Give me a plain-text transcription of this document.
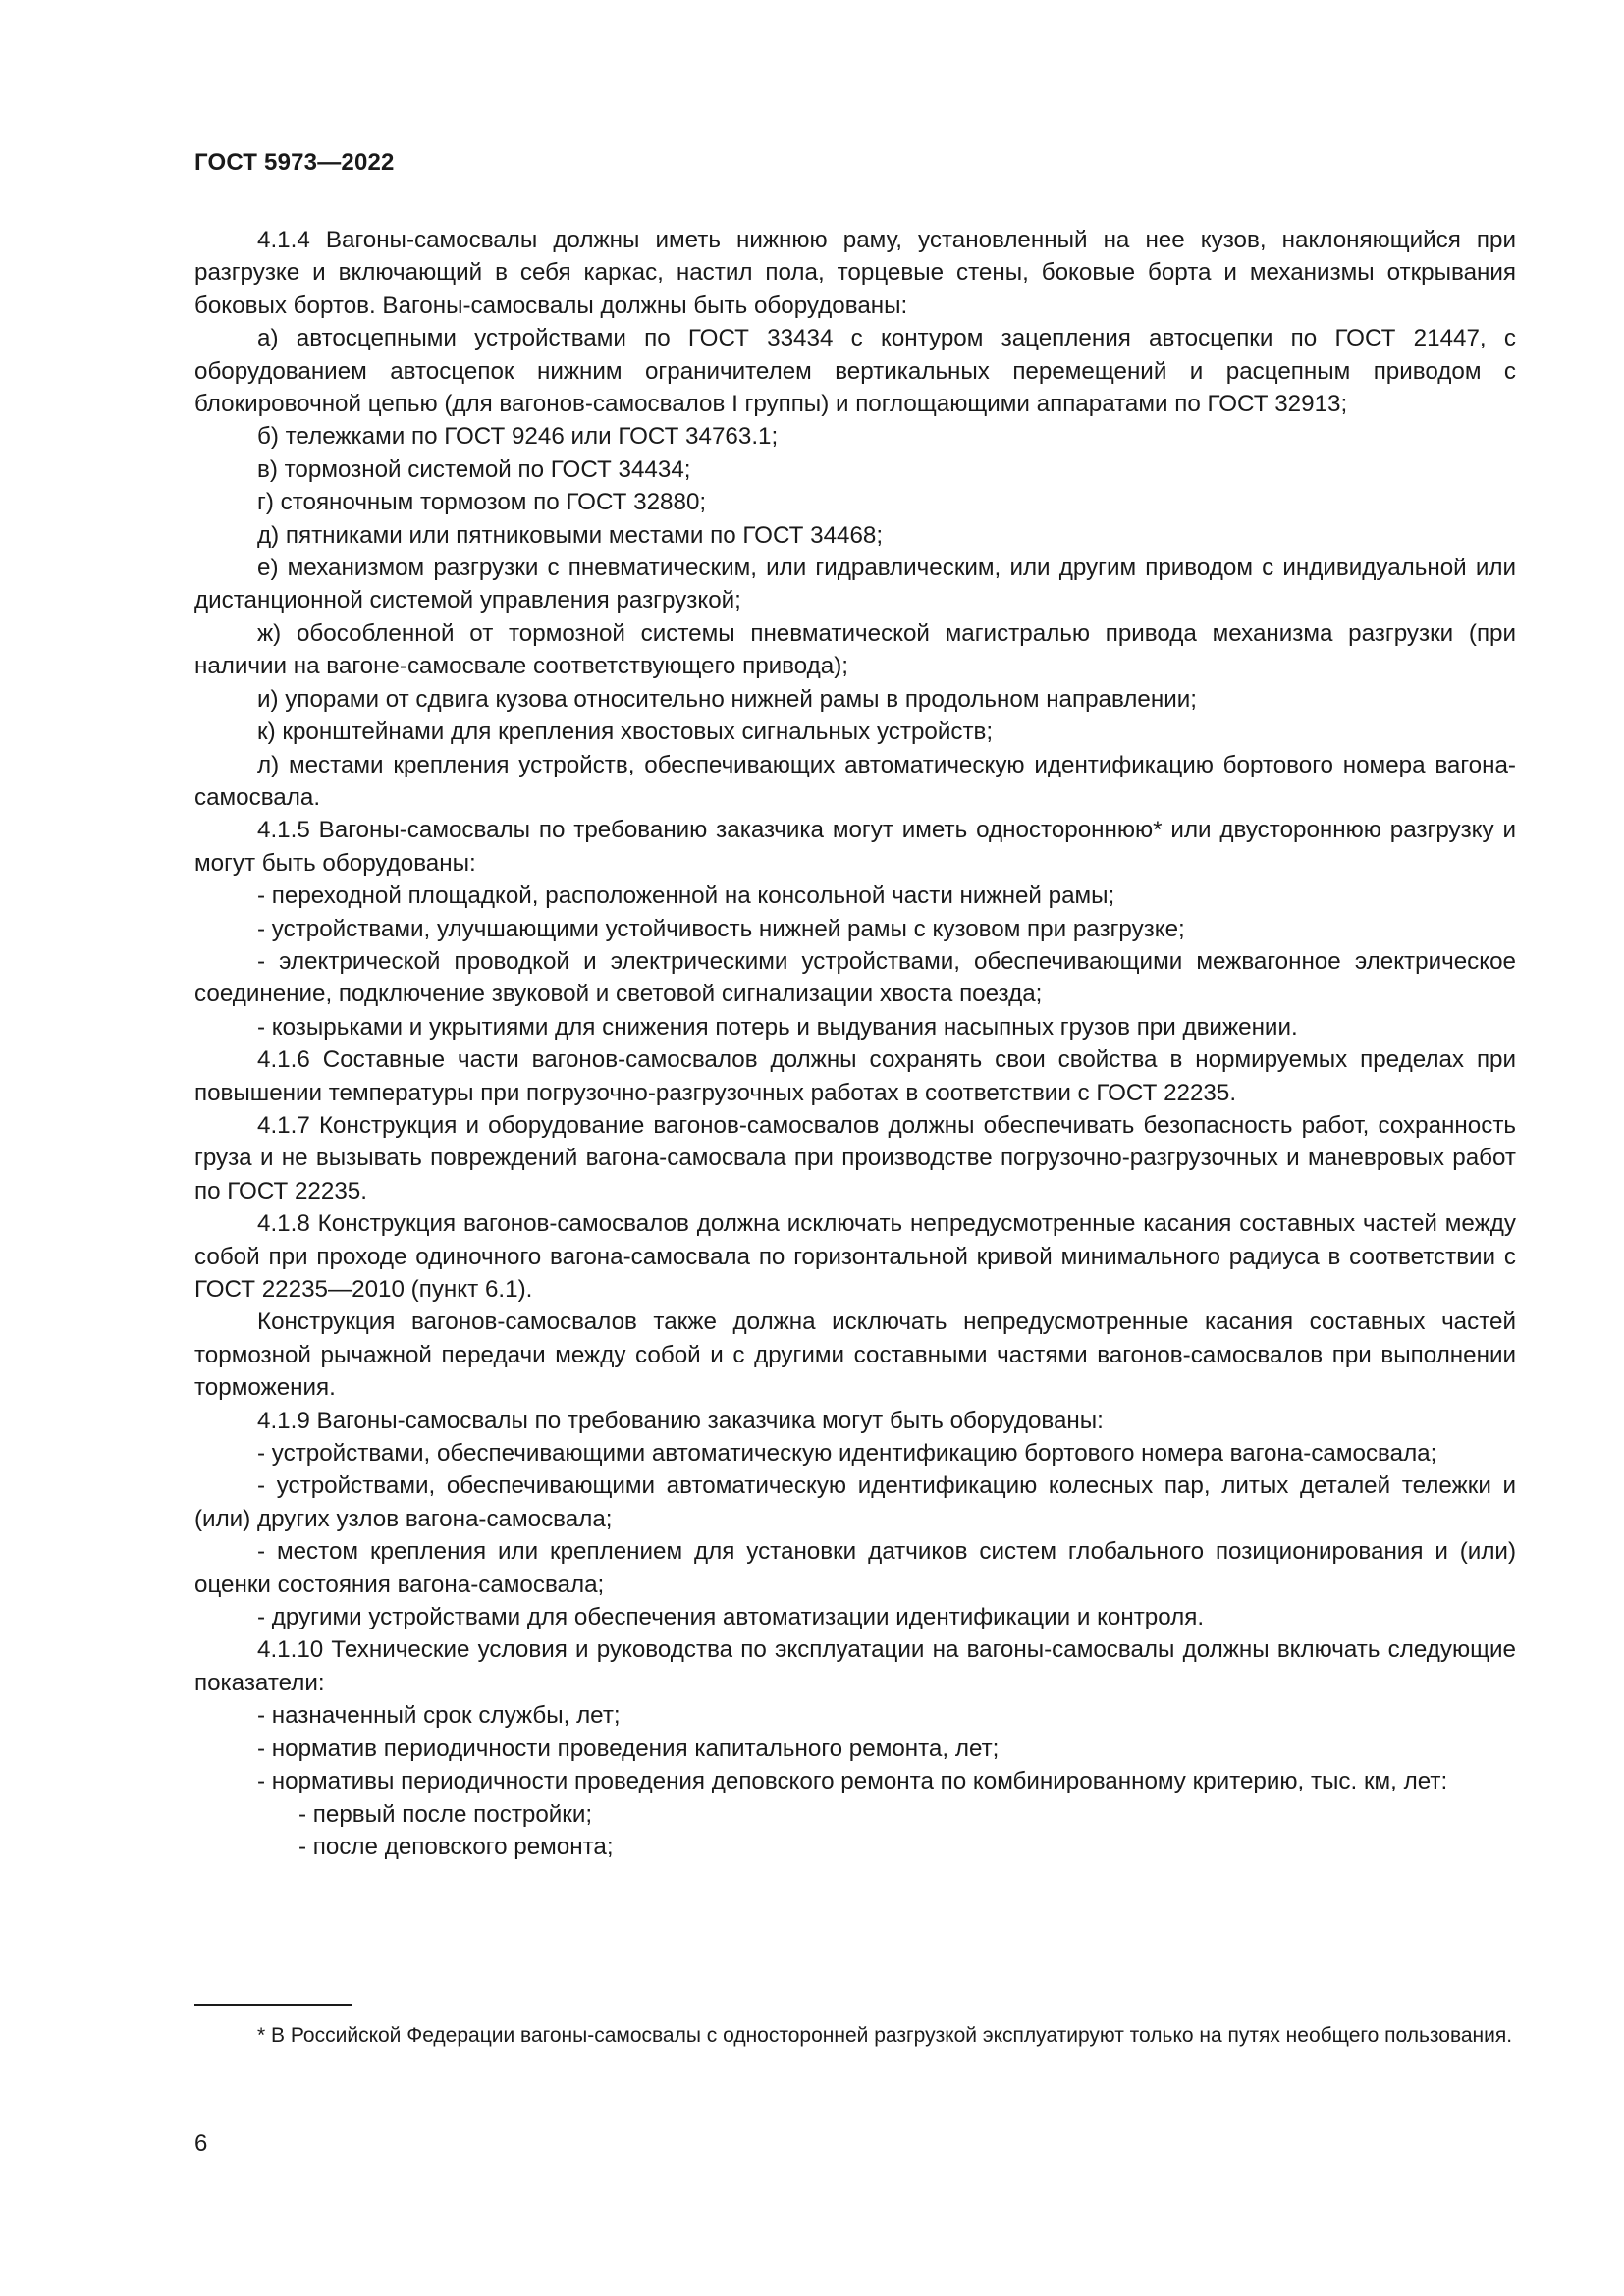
ГОСТ 5973—2022

4.1.4 Вагоны-самосвалы должны иметь нижнюю раму, установленный на нее кузов, наклоняющийся при разгрузке и включающий в себя каркас, настил пола, торцевые стены, боковые борта и механизмы открывания боковых бортов. Вагоны-самосвалы должны быть оборудованы:

а) автосцепными устройствами по ГОСТ 33434 с контуром зацепления автосцепки по ГОСТ 21447, с оборудованием автосцепок нижним ограничителем вертикальных перемещений и расцепным приводом с блокировочной цепью (для вагонов-самосвалов I группы) и поглощающими аппаратами по ГОСТ 32913;

б) тележками по ГОСТ 9246 или ГОСТ 34763.1;

в) тормозной системой по ГОСТ 34434;

г) стояночным тормозом по ГОСТ 32880;

д) пятниками или пятниковыми местами по ГОСТ 34468;

е) механизмом разгрузки с пневматическим, или гидравлическим, или другим приводом с индивидуальной или дистанционной системой управления разгрузкой;

ж) обособленной от тормозной системы пневматической магистралью привода механизма разгрузки (при наличии на вагоне-самосвале соответствующего привода);

и) упорами от сдвига кузова относительно нижней рамы в продольном направлении;

к) кронштейнами для крепления хвостовых сигнальных устройств;

л) местами крепления устройств, обеспечивающих автоматическую идентификацию бортового номера вагона-самосвала.

4.1.5 Вагоны-самосвалы по требованию заказчика могут иметь одностороннюю* или двустороннюю разгрузку и могут быть оборудованы:

- переходной площадкой, расположенной на консольной части нижней рамы;

- устройствами, улучшающими устойчивость нижней рамы с кузовом при разгрузке;

- электрической проводкой и электрическими устройствами, обеспечивающими межвагонное электрическое соединение, подключение звуковой и световой сигнализации хвоста поезда;

- козырьками и укрытиями для снижения потерь и выдувания насыпных грузов при движении.

4.1.6 Составные части вагонов-самосвалов должны сохранять свои свойства в нормируемых пределах при повышении температуры при погрузочно-разгрузочных работах в соответствии с ГОСТ 22235.

4.1.7 Конструкция и оборудование вагонов-самосвалов должны обеспечивать безопасность работ, сохранность груза и не вызывать повреждений вагона-самосвала при производстве погрузочно-разгрузочных и маневровых работ по ГОСТ 22235.

4.1.8 Конструкция вагонов-самосвалов должна исключать непредусмотренные касания составных частей между собой при проходе одиночного вагона-самосвала по горизонтальной кривой минимального радиуса в соответствии с ГОСТ 22235—2010 (пункт 6.1).

Конструкция вагонов-самосвалов также должна исключать непредусмотренные касания составных частей тормозной рычажной передачи между собой и с другими составными частями вагонов-самосвалов при выполнении торможения.

4.1.9 Вагоны-самосвалы по требованию заказчика могут быть оборудованы:

- устройствами, обеспечивающими автоматическую идентификацию бортового номера вагона-самосвала;

- устройствами, обеспечивающими автоматическую идентификацию колесных пар, литых деталей тележки и (или) других узлов вагона-самосвала;

- местом крепления или креплением для установки датчиков систем глобального позиционирования и (или) оценки состояния вагона-самосвала;

- другими устройствами для обеспечения автоматизации идентификации и контроля.

4.1.10 Технические условия и руководства по эксплуатации на вагоны-самосвалы должны включать следующие показатели:

- назначенный срок службы, лет;

- норматив периодичности проведения капитального ремонта, лет;

- нормативы периодичности проведения деповского ремонта по комбинированному критерию, тыс. км, лет:

- первый после постройки;

- после деповского ремонта;

* В Российской Федерации вагоны-самосвалы с односторонней разгрузкой эксплуатируют только на путях необщего пользования.
6
